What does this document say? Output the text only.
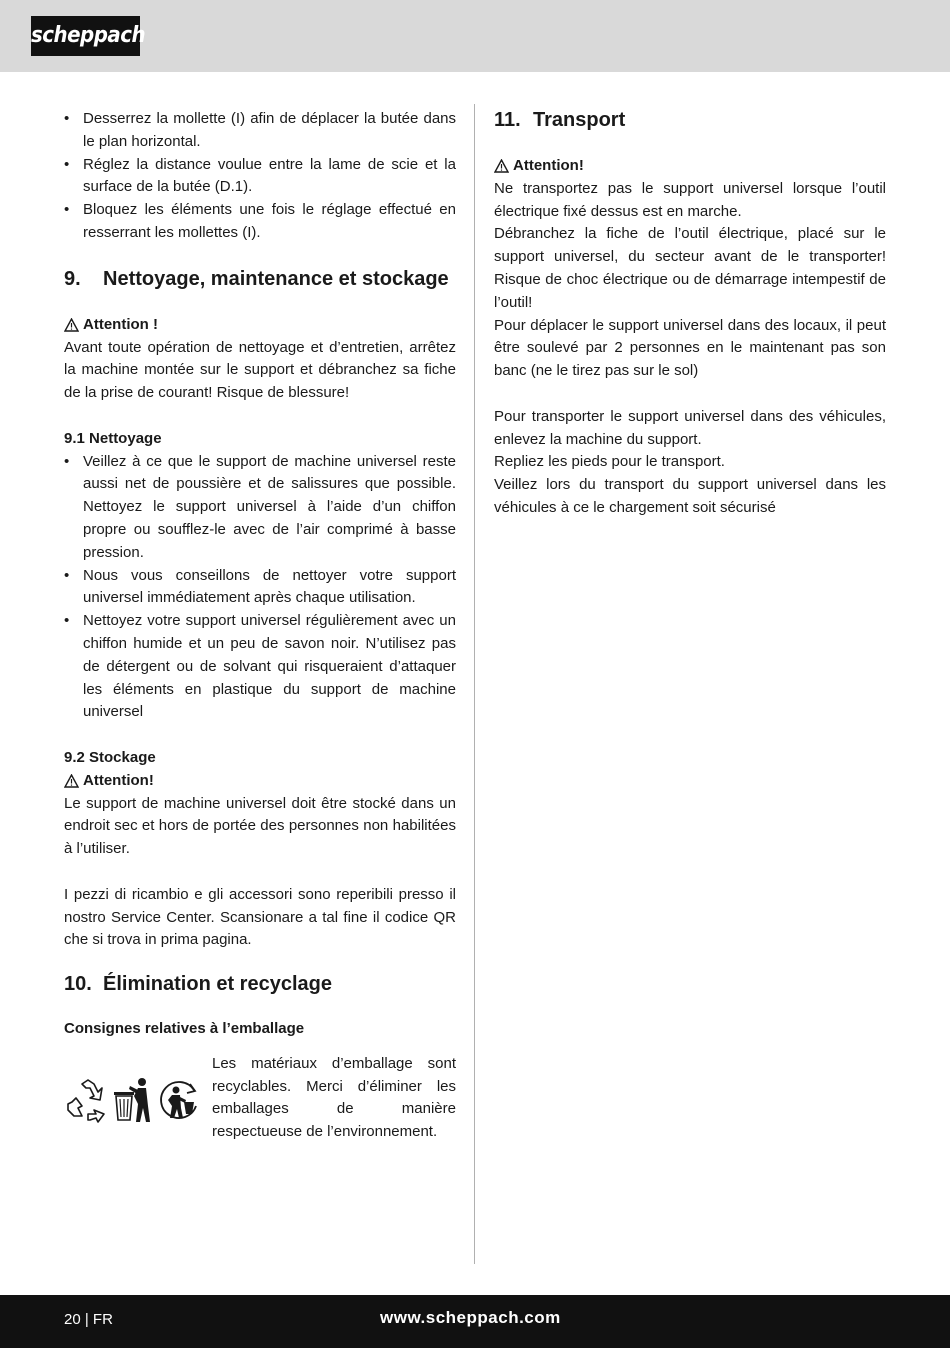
scheppach
• Desserrez la mollette (I) afin de déplacer la butée dans le plan horizontal.
• Réglez la distance voulue entre la lame de scie et la surface de la butée (D.1).
• Bloquez les éléments une fois le réglage effectué en resserrant les mollettes (I).
9.	Nettoyage, maintenance et stockage
Attention !

Avant toute opération de nettoyage et d’entretien, arrêtez la machine montée sur le support et débranchez sa fiche de la prise de courant! Risque de blessure!

9.1 Nettoyage
• Veillez à ce que le support de machine universel reste aussi net de poussière et de salissures que possible. Nettoyez le support universel à l’aide d’un chiffon propre ou soufflez-le avec de l’air comprimé à basse pression.
• Nous vous conseillons de nettoyer votre support universel immédiatement après chaque utilisation.
• Nettoyez votre support universel régulièrement avec un chiffon humide et un peu de savon noir. N’utilisez pas de détergent ou de solvant qui risqueraient d’attaquer les éléments en plastique du support de machine universel
9.2 Stockage
Attention!

Le support de machine universel doit être stocké dans un endroit sec et hors de portée des personnes non habilitées à l’utiliser.

I pezzi di ricambio e gli accessori sono reperibili presso il nostro Service Center. Scansionare a tal fine il codice QR che si trova in prima pagina.

10. Élimination et recyclage
Consignes relatives à l’emballage

Les matériaux d’emballage sont recyclables. Merci d’éliminer les emballages de manière respectueuse de l’environnement.

11. Transport
Attention!

Ne transportez pas le support universel lorsque l’outil électrique fixé dessus est en marche.

Débranchez la fiche de l’outil électrique, placé sur le support universel, du secteur avant de le transporter! Risque de choc électrique ou de démarrage intempestif de l’outil!

Pour déplacer le support universel dans des locaux, il peut être soulevé par 2 personnes en le maintenant pas son banc (ne le tirez pas sur le sol)

Pour transporter le support universel dans des véhicules, enlevez la machine du support.

Repliez les pieds pour le transport.

Veillez lors du transport du support universel dans les véhicules à ce le chargement soit sécurisé

20 | FR	www.scheppach.com
